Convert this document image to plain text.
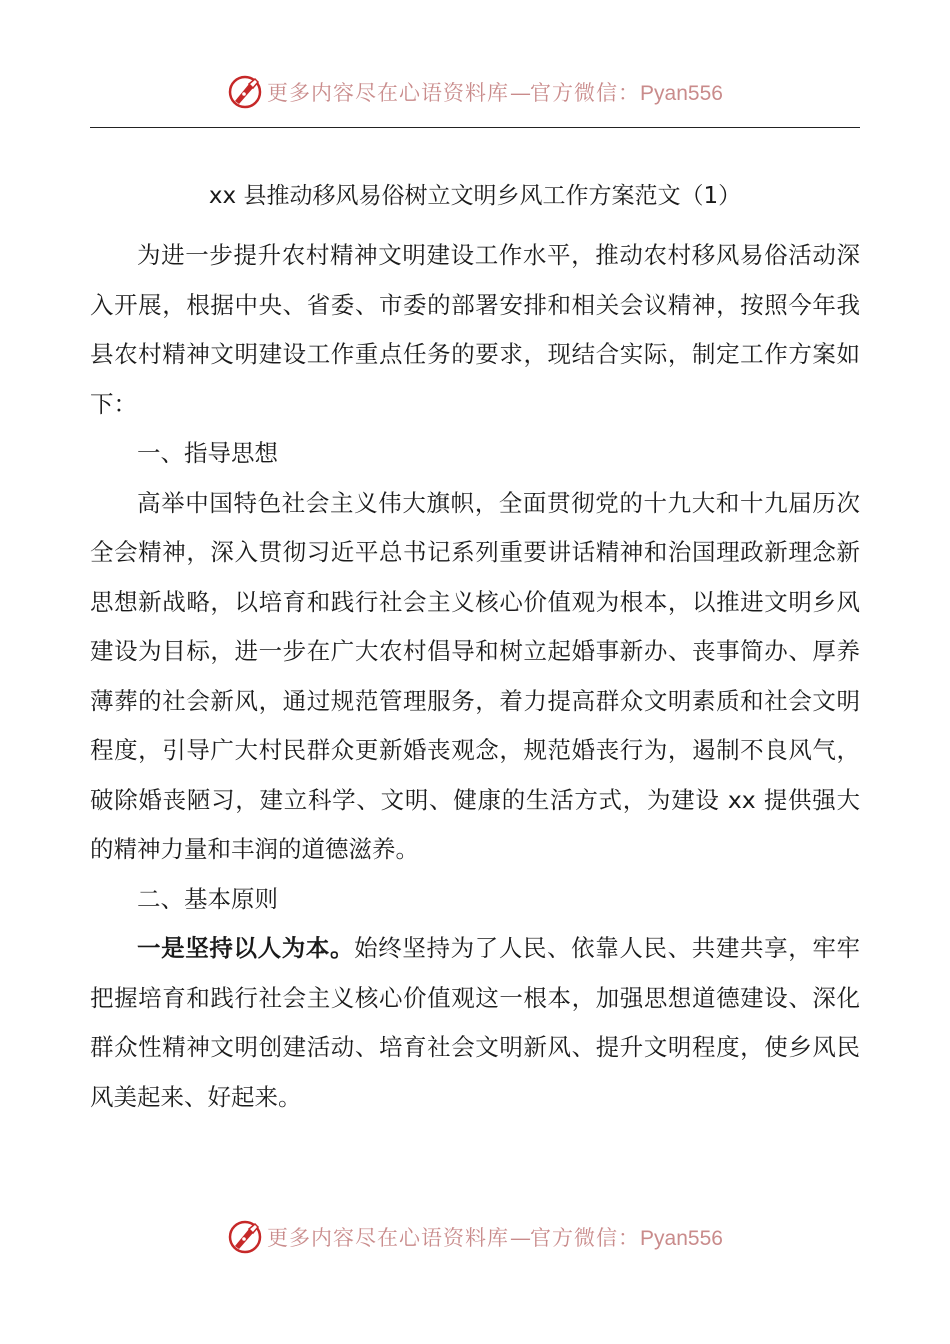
更多内容尽在心语资料库—官方微信：Pyan556
xx 县推动移风易俗树立文明乡风工作方案范文（1）

为进一步提升农村精神文明建设工作水平，推动农村移风易俗活动深入开展，根据中央、省委、市委的部署安排和相关会议精神，按照今年我县农村精神文明建设工作重点任务的要求，现结合实际，制定工作方案如下：

一、指导思想

高举中国特色社会主义伟大旗帜，全面贯彻党的十九大和十九届历次全会精神，深入贯彻习近平总书记系列重要讲话精神和治国理政新理念新思想新战略，以培育和践行社会主义核心价值观为根本，以推进文明乡风建设为目标，进一步在广大农村倡导和树立起婚事新办、丧事简办、厚养薄葬的社会新风，通过规范管理服务，着力提高群众文明素质和社会文明程度，引导广大村民群众更新婚丧观念，规范婚丧行为，遏制不良风气，破除婚丧陋习，建立科学、文明、健康的生活方式，为建设 xx 提供强大的精神力量和丰润的道德滋养。

二、基本原则

一是坚持以人为本。始终坚持为了人民、依靠人民、共建共享，牢牢把握培育和践行社会主义核心价值观这一根本，加强思想道德建设、深化群众性精神文明创建活动、培育社会文明新风、提升文明程度，使乡风民风美起来、好起来。

更多内容尽在心语资料库—官方微信：Pyan556
